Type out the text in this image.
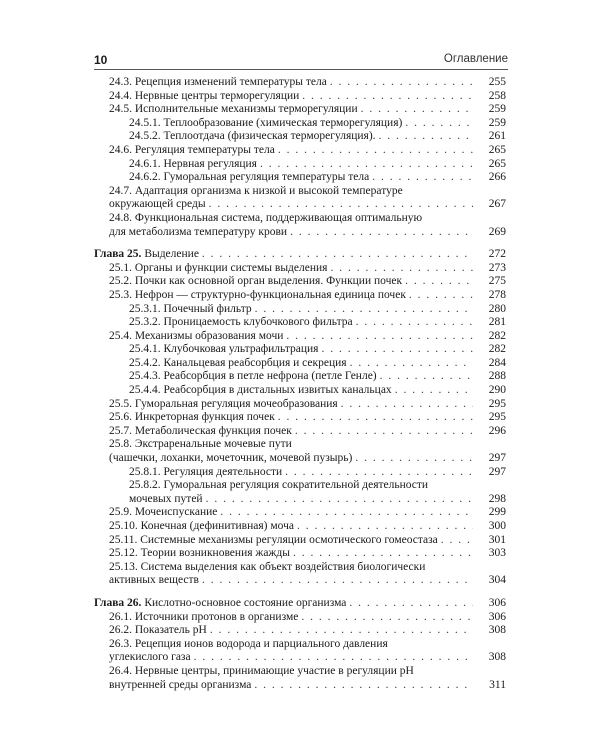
10	Оглавление
24.3. Рецепция изменений температуры тела . . .	255
24.4. Нервные центры терморегуляции . . .	258
24.5. Исполнительные механизмы терморегуляции . . .	259
24.5.1. Теплообразование (химическая терморегуляция) . . .	259
24.5.2. Теплоотдача (физическая терморегуляция). . . .	261
24.6. Регуляция температуры тела . . .	265
24.6.1. Нервная регуляция . . .	265
24.6.2. Гуморальная регуляция температуры тела . . .	266
24.7. Адаптация организма к низкой и высокой температуре
окружающей среды . . .	267
24.8. Функциональная система, поддерживающая оптимальную
для метаболизма температуру крови . . .	269
Глава 25. Выделение . . .	272
25.1. Органы и функции системы выделения . . .	273
25.2. Почки как основной орган выделения. Функции почек . . .	275
25.3. Нефрон — структурно-функциональная единица почек . . .	278
25.3.1. Почечный фильтр . . .	280
25.3.2. Проницаемость клубочкового фильтра . . .	281
25.4. Механизмы образования мочи . . .	282
25.4.1. Клубочковая ультрафильтрация . . .	282
25.4.2. Канальцевая реабсорбция и секреция . . .	284
25.4.3. Реабсорбция в петле нефрона (петле Генле) . . .	288
25.4.4. Реабсорбция в дистальных извитых канальцах . . .	290
25.5. Гуморальная регуляция мочеобразования . . .	295
25.6. Инкреторная функция почек . . .	295
25.7. Метаболическая функция почек . . .	296
25.8. Экстраренальные мочевые пути
(чашечки, лоханки, мочеточник, мочевой пузырь) . . .	297
25.8.1. Регуляция деятельности . . .	297
25.8.2. Гуморальная регуляция сократительной деятельности
мочевых путей . . .	298
25.9. Мочеиспускание . . .	299
25.10. Конечная (дефинитивная) моча . . .	300
25.11. Системные механизмы регуляции осмотического гомеостаза . . .	301
25.12. Теории возникновения жажды . . .	303
25.13. Система выделения как объект воздействия биологически
активных веществ . . .	304
Глава 26. Кислотно-основное состояние организма . . .	306
26.1. Источники протонов в организме . . .	306
26.2. Показатель pH . . .	308
26.3. Рецепция ионов водорода и парциального давления
углекислого газа . . .	308
26.4. Нервные центры, принимающие участие в регуляции pH
внутренней среды организма . . .	311
